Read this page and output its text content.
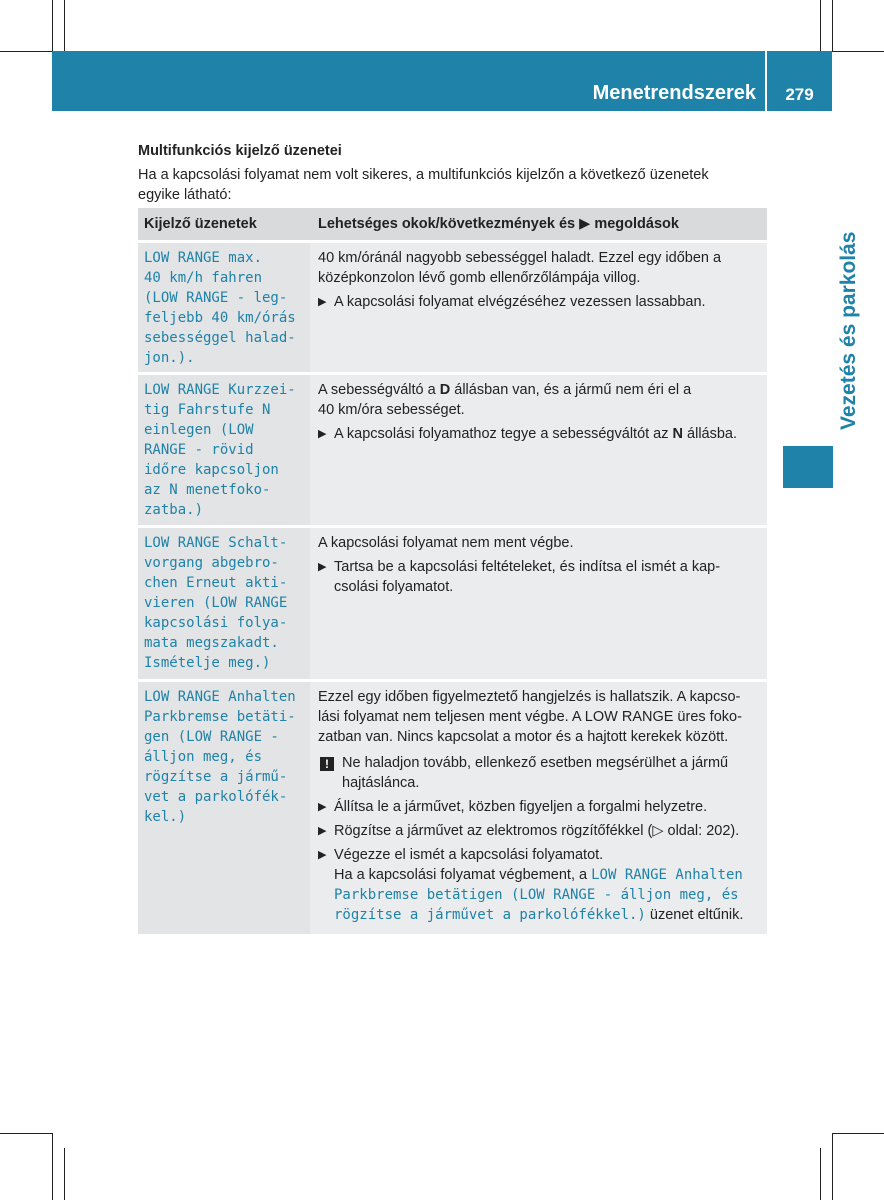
Menetrendszerek	279
Vezetés és parkolás
Multifunkciós kijelző üzenetei
Ha a kapcsolási folyamat nem volt sikeres, a multifunkciós kijelzőn a következő üzenetek
egyike látható:
Kijelző üzenetek	Lehetséges okok/következmények és ▶ megoldások
LOW RANGE max.
40 km/h fahren
(LOW RANGE - leg-
feljebb 40 km/órás
sebességgel halad-
jon.).
40 km/óránál nagyobb sebességgel haladt. Ezzel egy időben a
középkonzolon lévő gomb ellenőrzőlámpája villog.
▶ A kapcsolási folyamat elvégzéséhez vezessen lassabban.
LOW RANGE Kurzzei-
tig Fahrstufe N
einlegen (LOW
RANGE - rövid
időre kapcsoljon
az N menetfoko-
zatba.)
A sebességváltó a D állásban van, és a jármű nem éri el a
40 km/óra sebességet.
▶ A kapcsolási folyamathoz tegye a sebességváltót az N állásba.
LOW RANGE Schalt-
vorgang abgebro-
chen Erneut akti-
vieren (LOW RANGE
kapcsolási folya-
mata megszakadt.
Ismételje meg.)
A kapcsolási folyamat nem ment végbe.
▶ Tartsa be a kapcsolási feltételeket, és indítsa el ismét a kap-
csolási folyamatot.
LOW RANGE Anhalten
Parkbremse betäti-
gen (LOW RANGE -
álljon meg, és
rögzítse a jármű-
vet a parkolófék-
kel.)
Ezzel egy időben figyelmeztető hangjelzés is hallatszik. A kapcso-
lási folyamat nem teljesen ment végbe. A LOW RANGE üres foko-
zatban van. Nincs kapcsolat a motor és a hajtott kerekek között.
! Ne haladjon tovább, ellenkező esetben megsérülhet a jármű
hajtáslánca.
▶ Állítsa le a járművet, közben figyeljen a forgalmi helyzetre.
▶ Rögzítse a járművet az elektromos rögzítőfékkel (▷ oldal: 202).
▶ Végezze el ismét a kapcsolási folyamatot.
Ha a kapcsolási folyamat végbement, a LOW RANGE Anhalten
Parkbremse betätigen (LOW RANGE - álljon meg, és
rögzítse a járművet a parkolófékkel.) üzenet eltűnik.
